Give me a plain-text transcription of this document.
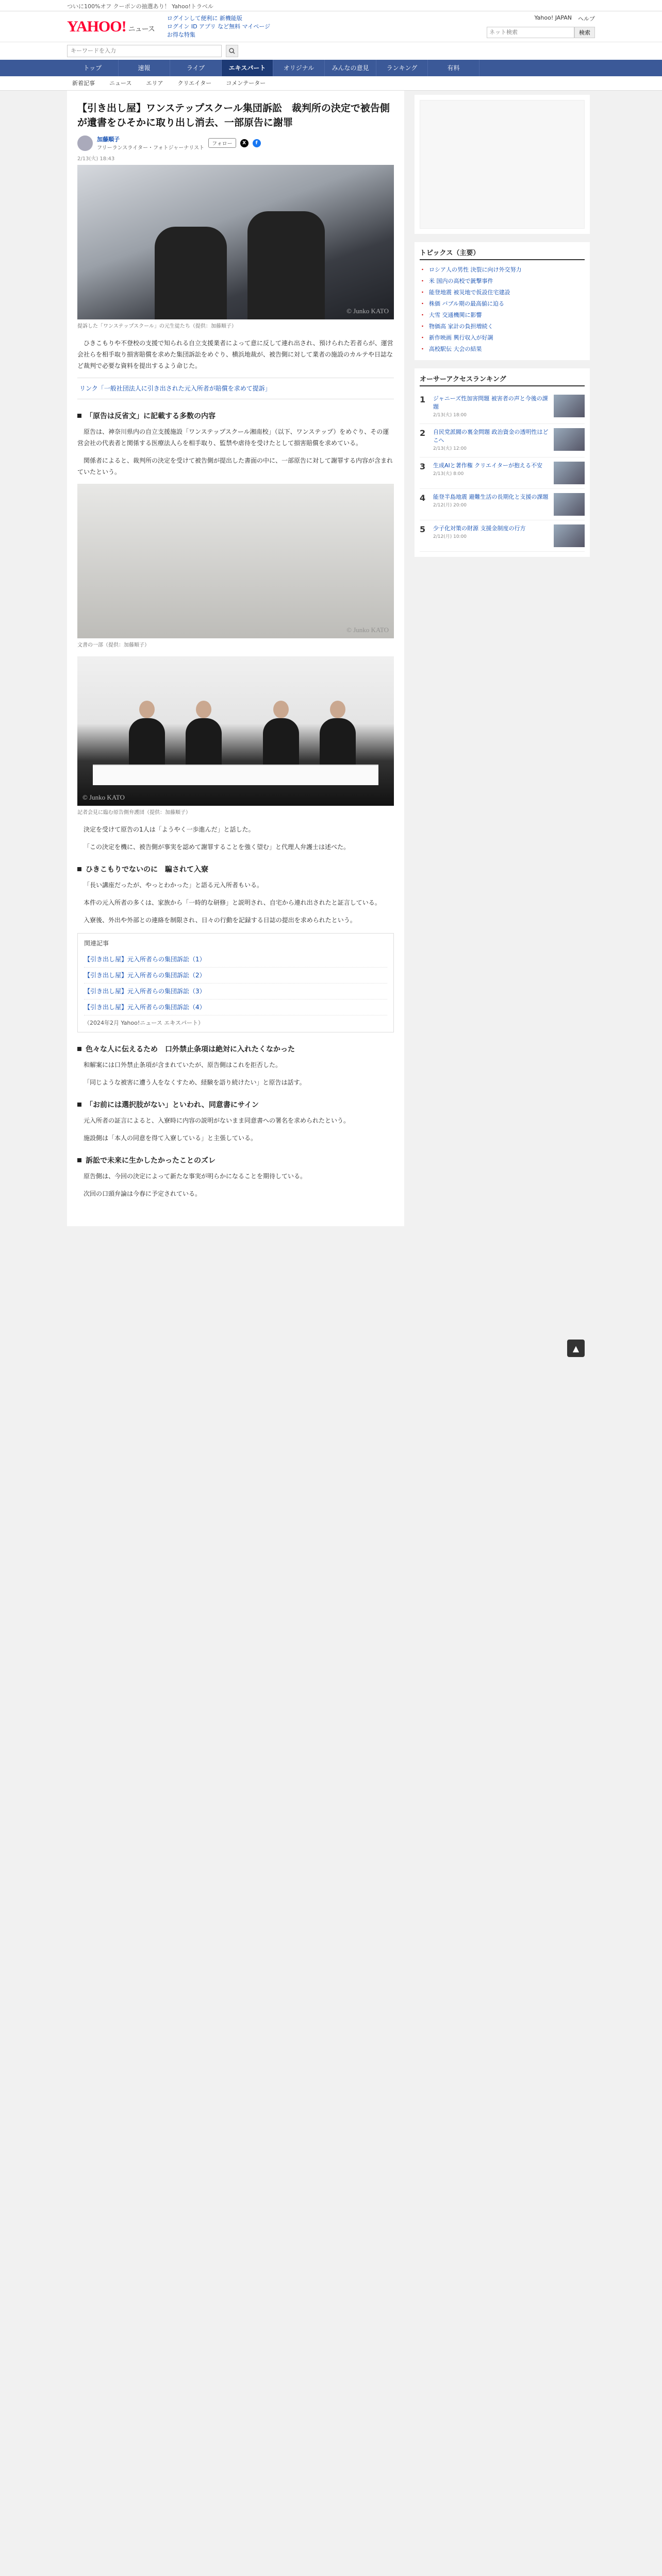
ついに100%オフ クーポンの抽選あり！ Yahoo!トラベル
YAHOO! ニュース
ログインして便利に 新機能版
ログイン ID アプリ など無料 マイページ
お得な特集
Yahoo! JAPAN ヘルプ
ネット検索
検索
キーワードを入力
トップ	速報	ライブ	エキスパート	オリジナル	みんなの意見	ランキング	有料
新着記事	ニュース	エリア	クリエイター	コメンテーター
【引き出し屋】ワンステップスクール集団訴訟　裁判所の決定で被告側が遺書をひそかに取り出し消去、一部原告に謝罪
加藤順子
フリーランスライター・フォトジャーナリスト
フォロー	X	f
2/13(火) 18:43
© Junko KATO
提訴した「ワンステップスクール」の元生徒たち（提供：加藤順子）

ひきこもりや不登校の支援で知られる自立支援業者によって意に反して連れ出され、預けられた若者らが、運営会社らを相手取り損害賠償を求めた集団訴訟をめぐり、横浜地裁が、被告側に対して業者の施設のカルテや日誌など裁判で必要な資料を提出するよう命じた。

リンク「一般社団法人に引き出された元入所者が賠償を求めて提訴」
「原告は反省文」に記載する多数の内容

原告は、神奈川県内の自立支援施設「ワンステップスクール湘南校」（以下、ワンステップ）をめぐり、その運営会社の代表者と関係する医療法人らを相手取り、監禁や虐待を受けたとして損害賠償を求めている。

関係者によると、裁判所の決定を受けて被告側が提出した書面の中に、一部原告に対して謝罪する内容が含まれていたという。

© Junko KATO
文書の一部（提供：加藤順子）
© Junko KATO
記者会見に臨む原告側弁護団（提供：加藤順子）

決定を受けて原告の1人は「ようやく一歩進んだ」と話した。

「この決定を機に、被告側が事実を認めて謝罪することを強く望む」と代理人弁護士は述べた。

ひきこもりでないのに　騙されて入寮

「長い講座だったが、やっとわかった」と語る元入所者もいる。

本件の元入所者の多くは、家族から「一時的な研修」と説明され、自宅から連れ出されたと証言している。

入寮後、外出や外部との連絡を制限され、日々の行動を記録する日誌の提出を求められたという。

関連記事
【引き出し屋】元入所者らの集団訴訟（1）
【引き出し屋】元入所者らの集団訴訟（2）
【引き出し屋】元入所者らの集団訴訟（3）
【引き出し屋】元入所者らの集団訴訟（4）
（2024年2月 Yahoo!ニュース エキスパート）
色々な人に伝えるため　口外禁止条項は絶対に入れたくなかった

和解案には口外禁止条項が含まれていたが、原告側はこれを拒否した。

「同じような被害に遭う人をなくすため、経験を語り続けたい」と原告は話す。

「お前には選択肢がない」といわれ、同意書にサイン

元入所者の証言によると、入寮時に内容の説明がないまま同意書への署名を求められたという。

施設側は「本人の同意を得て入寮している」と主張している。

訴訟で未来に生かしたかったことのズレ

原告側は、今回の決定によって新たな事実が明らかになることを期待している。

次回の口頭弁論は今春に予定されている。

トピックス（主要）
・ ロシア人の男性 決裂に向け外交努力
・ 米 国内の高校で銃撃事件
・ 能登地震 被災地で仮設住宅建設
・ 株価 バブル期の最高値に迫る
・ 大雪 交通機関に影響
・ 物価高 家計の負担増続く
・ 新作映画 興行収入が好調
・ 高校駅伝 大会の結果
オーサーアクセスランキング
1	ジャニーズ性加害問題 被害者の声と今後の課題
2/13(火) 18:00
2	自民党派閥の裏金問題 政治資金の透明性はどこへ
2/13(火) 12:00
3	生成AIと著作権 クリエイターが抱える不安
2/13(火) 8:00
4	能登半島地震 避難生活の長期化と支援の課題
2/12(月) 20:00
5	少子化対策の財源 支援金制度の行方
2/12(月) 10:00
▲
